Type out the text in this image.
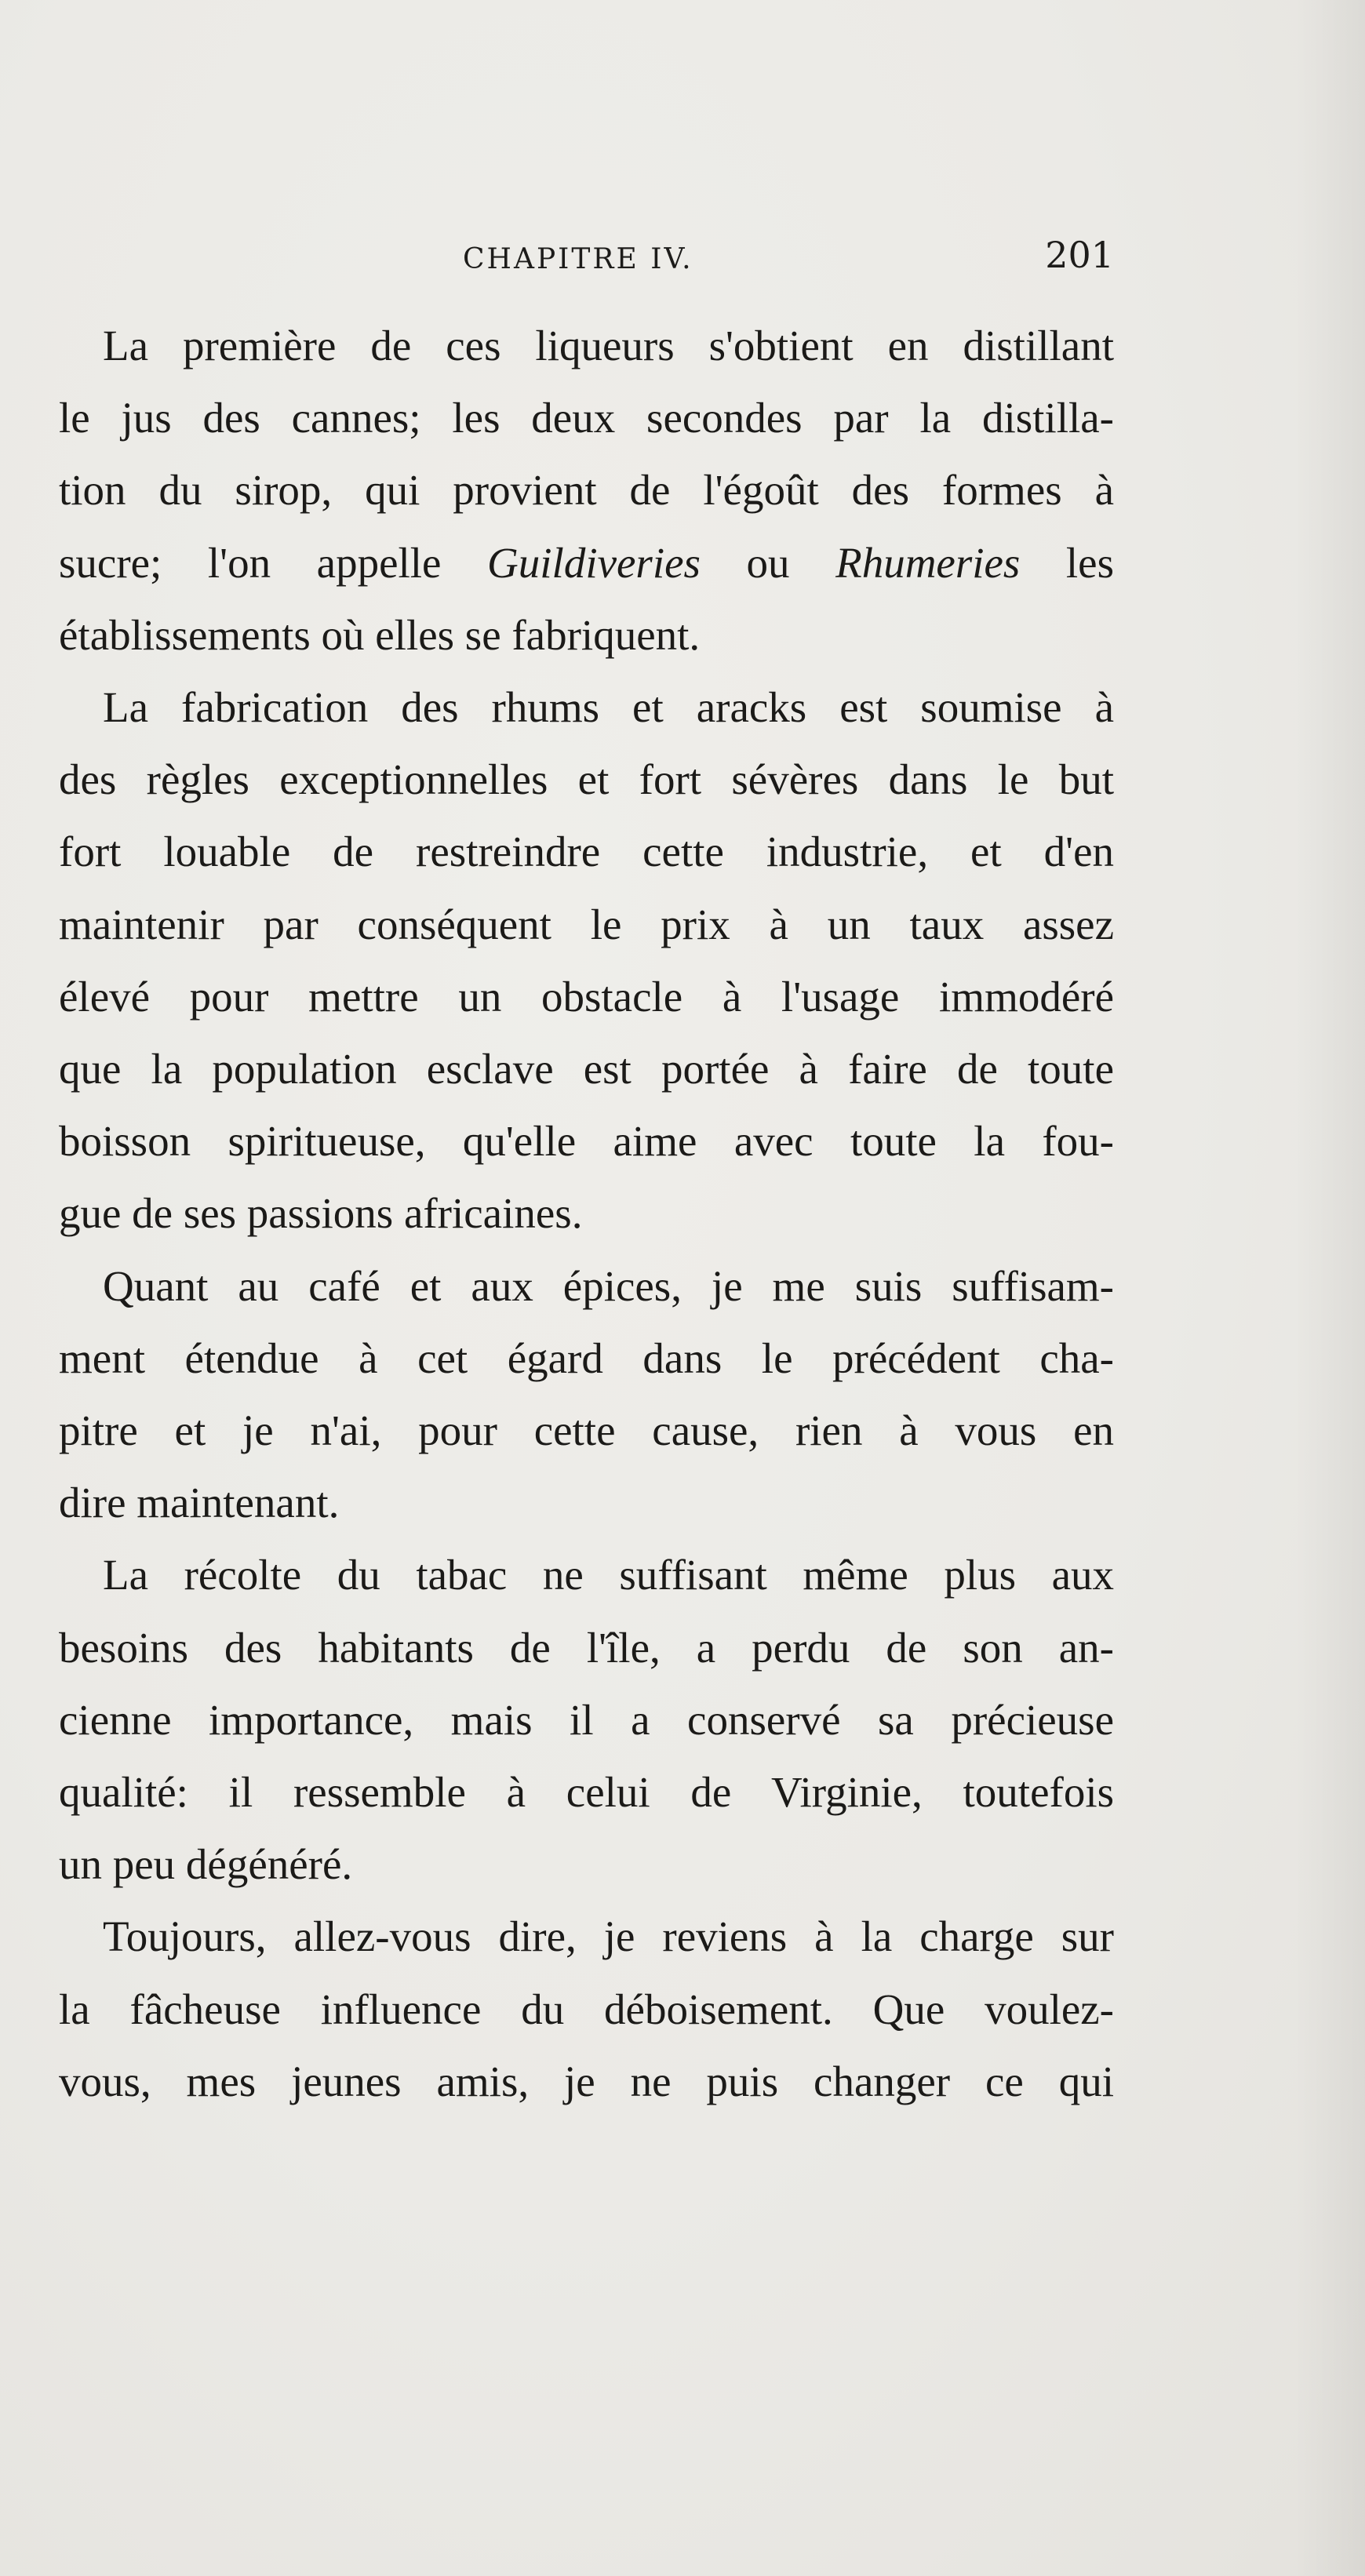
CHAPITRE IV.	201

La première de ces liqueurs s'obtient en distillant

le jus des cannes; les deux secondes par la distilla-

tion du sirop, qui provient de l'égoût des formes à

sucre; l'on appelle Guildiveries ou Rhumeries les

établissements où elles se fabriquent.

La fabrication des rhums et aracks est soumise à

des règles exceptionnelles et fort sévères dans le but

fort louable de restreindre cette industrie, et d'en

maintenir par conséquent le prix à un taux assez

élevé pour mettre un obstacle à l'usage immodéré

que la population esclave est portée à faire de toute

boisson spiritueuse, qu'elle aime avec toute la fou-

gue de ses passions africaines.

Quant au café et aux épices, je me suis suffisam-

ment étendue à cet égard dans le précédent cha-

pitre et je n'ai, pour cette cause, rien à vous en

dire maintenant.

La récolte du tabac ne suffisant même plus aux

besoins des habitants de l'île, a perdu de son an-

cienne importance, mais il a conservé sa précieuse

qualité: il ressemble à celui de Virginie, toutefois

un peu dégénéré.

Toujours, allez-vous dire, je reviens à la charge sur

la fâcheuse influence du déboisement. Que voulez-

vous, mes jeunes amis, je ne puis changer ce qui
